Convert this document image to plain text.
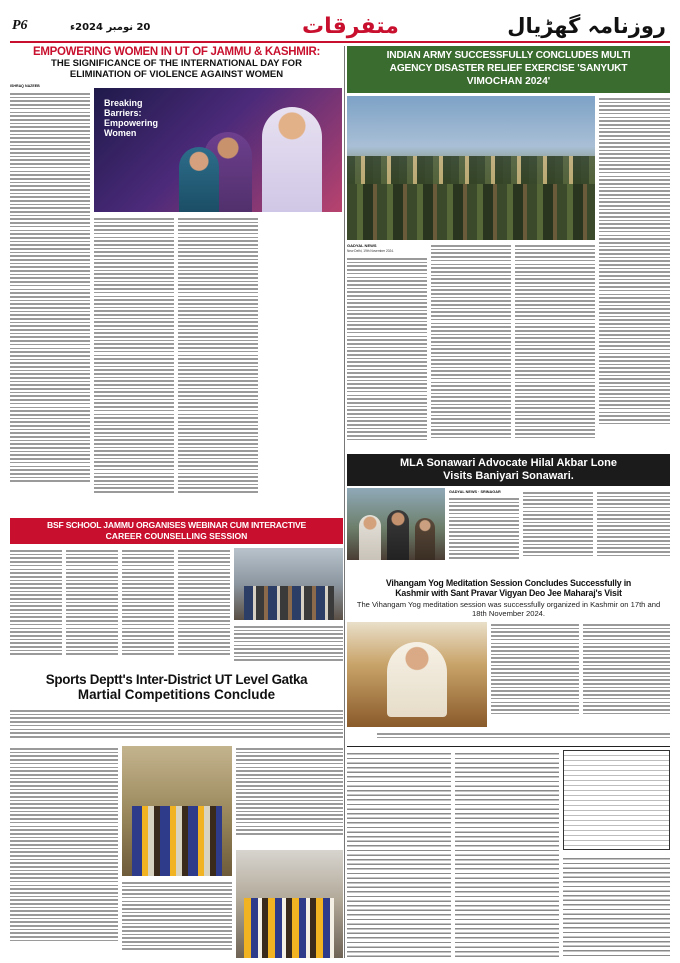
P6	20 نومبر 2024ء	متفرقات	روزنامہ گھڑیال
EMPOWERING WOMEN IN UT OF JAMMU & KASHMIR:
THE SIGNIFICANCE OF THE INTERNATIONAL DAY FOR
ELIMINATION OF VIOLENCE AGAINST WOMEN
ISHRAQ NAZEEB
Breaking Barriers: Empowering Women
INDIAN ARMY SUCCESSFULLY CONCLUDES MULTI
AGENCY DISASTER RELIEF EXERCISE 'SANYUKT
VIMOCHAN 2024'
GADYAL NEWS
New Delhi, 19th November 2024.
MLA Sonawari Advocate Hilal Akbar Lone
Visits Baniyari Sonawari.
GADYAL NEWS · SRINAGAR
BSF SCHOOL JAMMU ORGANISES WEBINAR CUM INTERACTIVE
CAREER COUNSELLING SESSION
Sports Deptt's Inter-District UT Level Gatka
Martial Competitions Conclude
Vihangam Yog Meditation Session Concludes Successfully in
Kashmir with Sant Pravar Vigyan Deo Jee Maharaj's Visit
The Vihangam Yog meditation session was successfully organized in Kashmir on 17th and 18th November 2024.
